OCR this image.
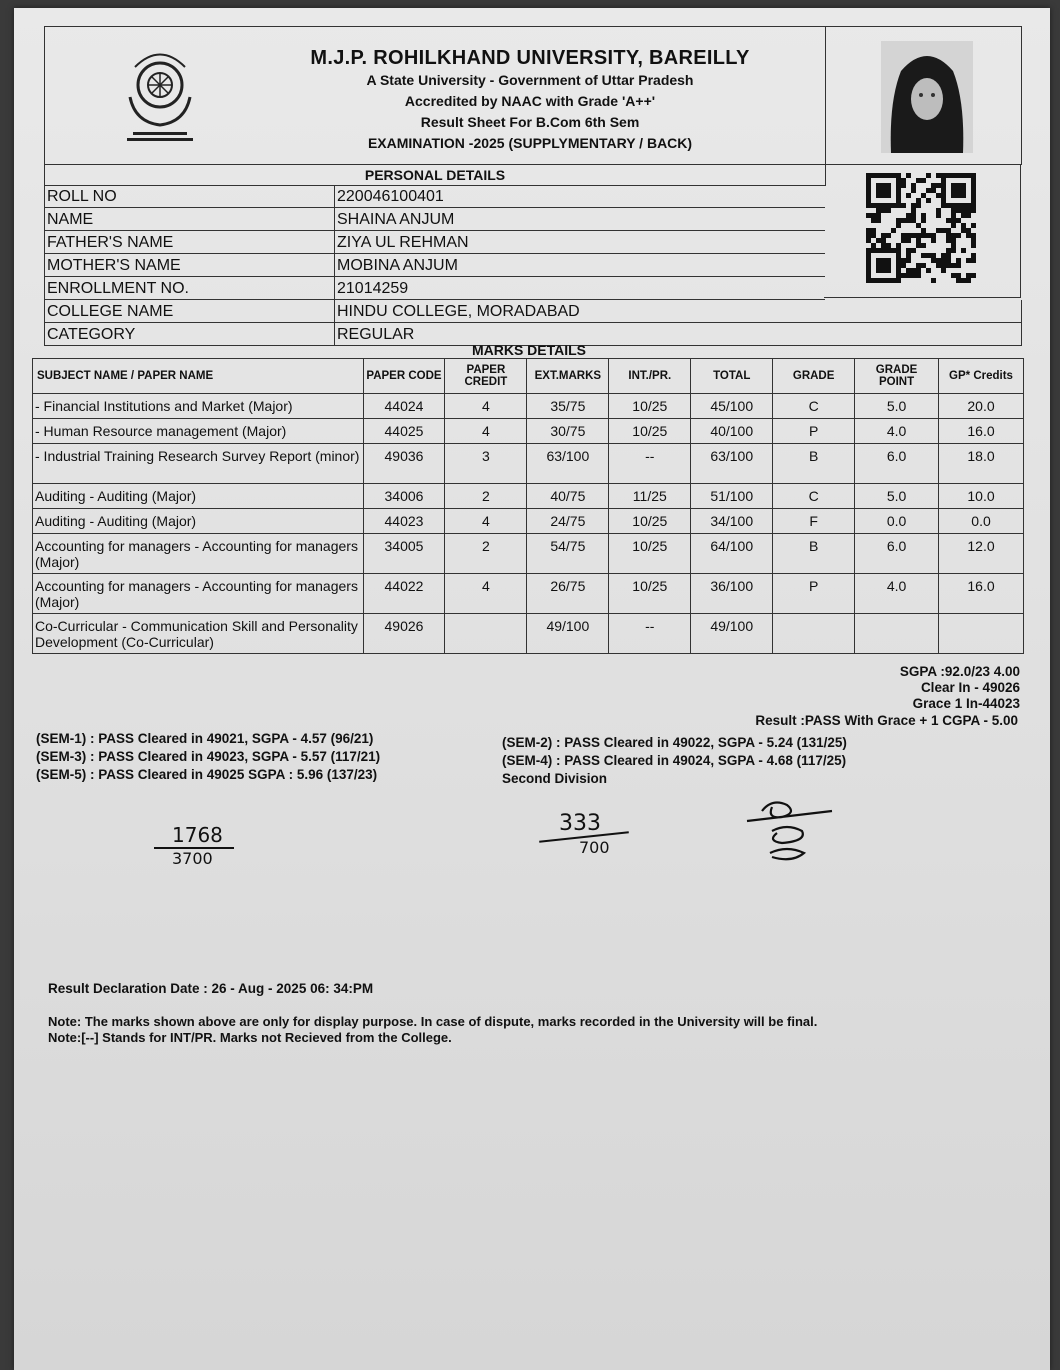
M.J.P. ROHILKHAND UNIVERSITY, BAREILLY
A State University - Government of Uttar Pradesh
Accredited by NAAC with Grade 'A++'
Result Sheet For B.Com 6th Sem
EXAMINATION -2025 (SUPPLYMENTARY / BACK)
PERSONAL DETAILS
ROLL NO	220046100401
NAME	SHAINA ANJUM
FATHER'S NAME	ZIYA UL REHMAN
MOTHER'S NAME	MOBINA ANJUM
ENROLLMENT NO.	21014259
COLLEGE NAME	HINDU COLLEGE, MORADABAD
CATEGORY	REGULAR
MARKS DETAILS
SUBJECT NAME / PAPER NAME	PAPER CODE	PAPER CREDIT	EXT.MARKS	INT./PR.	TOTAL	GRADE	GRADE POINT	GP* Credits
- Financial Institutions and Market (Major)	44024	4	35/75	10/25	45/100	C	5.0	20.0
- Human Resource management (Major)	44025	4	30/75	10/25	40/100	P	4.0	16.0
- Industrial Training Research Survey Report (minor)	49036	3	63/100	--	63/100	B	6.0	18.0
Auditing - Auditing (Major)	34006	2	40/75	11/25	51/100	C	5.0	10.0
Auditing - Auditing (Major)	44023	4	24/75	10/25	34/100	F	0.0	0.0
Accounting for managers - Accounting for managers (Major)	34005	2	54/75	10/25	64/100	B	6.0	12.0
Accounting for managers - Accounting for managers (Major)	44022	4	26/75	10/25	36/100	P	4.0	16.0
Co-Curricular - Communication Skill and Personality Development (Co-Curricular)	49026		49/100	--	49/100			
SGPA :92.0/23 4.00
Clear In - 49026
Grace 1 In-44023
Result :PASS With Grace + 1 CGPA - 5.00
(SEM-1) : PASS Cleared in 49021, SGPA - 4.57 (96/21)
(SEM-3) : PASS Cleared in 49023, SGPA - 5.57 (117/21)
(SEM-5) : PASS Cleared in 49025 SGPA : 5.96 (137/23)
(SEM-2) : PASS Cleared in 49022, SGPA - 5.24 (131/25)
(SEM-4) : PASS Cleared in 49024, SGPA - 4.68 (117/25)
Second Division
1768
3700
333
700
Result Declaration Date : 26 - Aug - 2025 06: 34:PM
Note: The marks shown above are only for display purpose. In case of dispute, marks recorded in the University will be final.
Note:[--] Stands for INT/PR. Marks not Recieved from the College.
